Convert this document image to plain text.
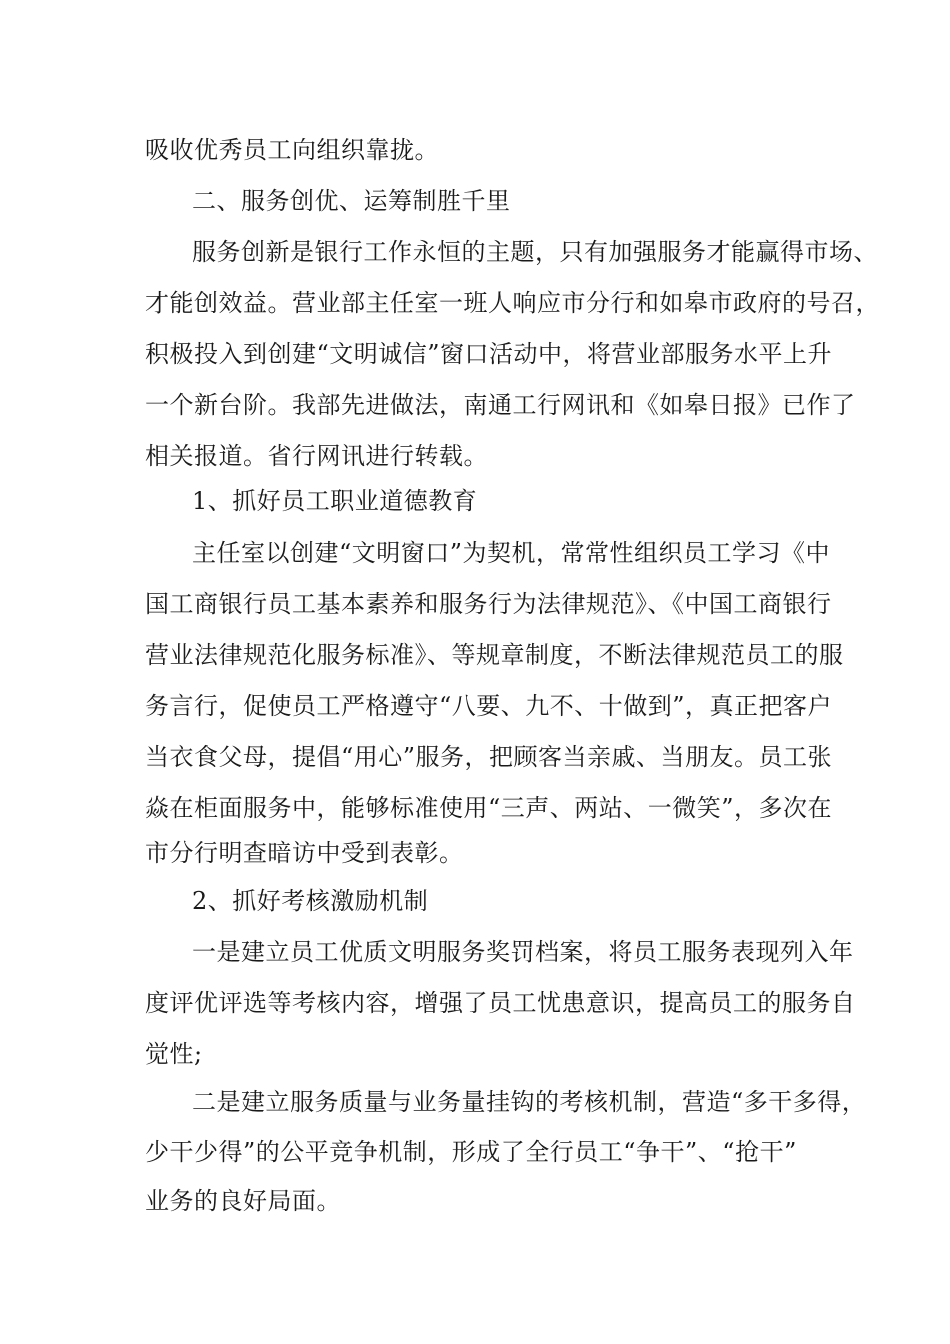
吸收优秀员工向组织靠拢。
二、服务创优、运筹制胜千里
服务创新是银行工作永恒的主题，只有加强服务才能赢得市场、
才能创效益。营业部主任室一班人响应市分行和如皋市政府的号召，
积极投入到创建“文明诚信”窗口活动中，将营业部服务水平上升
一个新台阶。我部先进做法，南通工行网讯和《如皋日报》已作了
相关报道。省行网讯进行转载。
1、抓好员工职业道德教育
主任室以创建“文明窗口”为契机，常常性组织员工学习《中
国工商银行员工基本素养和服务行为法律规范》、《中国工商银行
营业法律规范化服务标准》、等规章制度，不断法律规范员工的服
务言行，促使员工严格遵守“八要、九不、十做到”，真正把客户
当衣食父母，提倡“用心”服务，把顾客当亲戚、当朋友。员工张
焱在柜面服务中，能够标准使用“三声、两站、一微笑”，多次在
市分行明查暗访中受到表彰。
2、抓好考核激励机制
一是建立员工优质文明服务奖罚档案，将员工服务表现列入年
度评优评选等考核内容，增强了员工忧患意识，提高员工的服务自
觉性;
二是建立服务质量与业务量挂钩的考核机制，营造“多干多得，
少干少得”的公平竞争机制，形成了全行员工“争干”、“抢干”
业务的良好局面。
